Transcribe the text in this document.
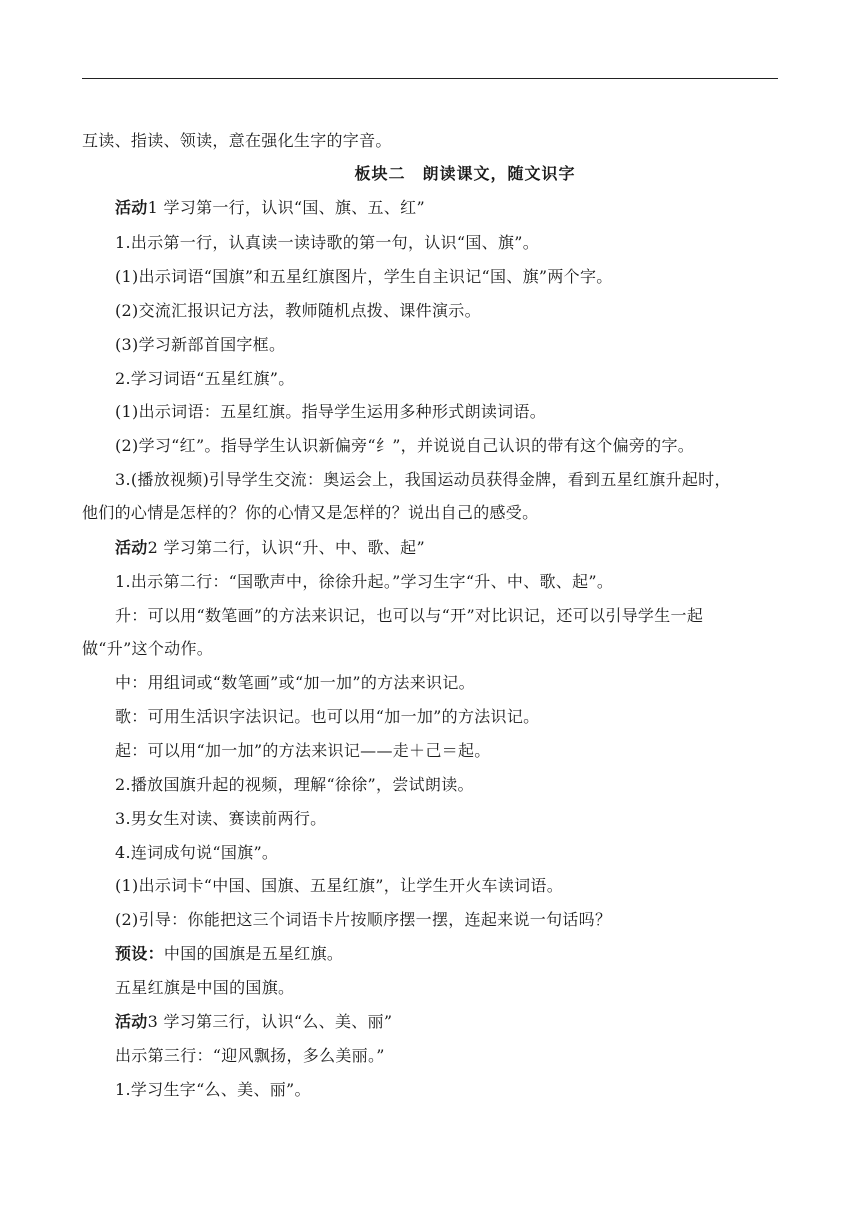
互读、指读、领读，意在强化生字的字音。
板块二　朗读课文，随文识字
活动1 学习第一行，认识“国、旗、五、红”
1.出示第一行，认真读一读诗歌的第一句，认识“国、旗”。
(1)出示词语“国旗”和五星红旗图片，学生自主识记“国、旗”两个字。
(2)交流汇报识记方法，教师随机点拨、课件演示。
(3)学习新部首国字框。
2.学习词语“五星红旗”。
(1)出示词语：五星红旗。指导学生运用多种形式朗读词语。
(2)学习“红”。指导学生认识新偏旁“纟”，并说说自己认识的带有这个偏旁的字。
3.(播放视频)引导学生交流：奥运会上，我国运动员获得金牌，看到五星红旗升起时，
他们的心情是怎样的？你的心情又是怎样的？说出自己的感受。
活动2 学习第二行，认识“升、中、歌、起”
1.出示第二行：“国歌声中，徐徐升起。”学习生字“升、中、歌、起”。
升：可以用“数笔画”的方法来识记，也可以与“开”对比识记，还可以引导学生一起
做“升”这个动作。
中：用组词或“数笔画”或“加一加”的方法来识记。
歌：可用生活识字法识记。也可以用“加一加”的方法识记。
起：可以用“加一加”的方法来识记——走＋己＝起。
2.播放国旗升起的视频，理解“徐徐”，尝试朗读。
3.男女生对读、赛读前两行。
4.连词成句说“国旗”。
(1)出示词卡“中国、国旗、五星红旗”，让学生开火车读词语。
(2)引导：你能把这三个词语卡片按顺序摆一摆，连起来说一句话吗？
预设：中国的国旗是五星红旗。
五星红旗是中国的国旗。
活动3 学习第三行，认识“么、美、丽”
出示第三行：“迎风飘扬，多么美丽。”
1.学习生字“么、美、丽”。
